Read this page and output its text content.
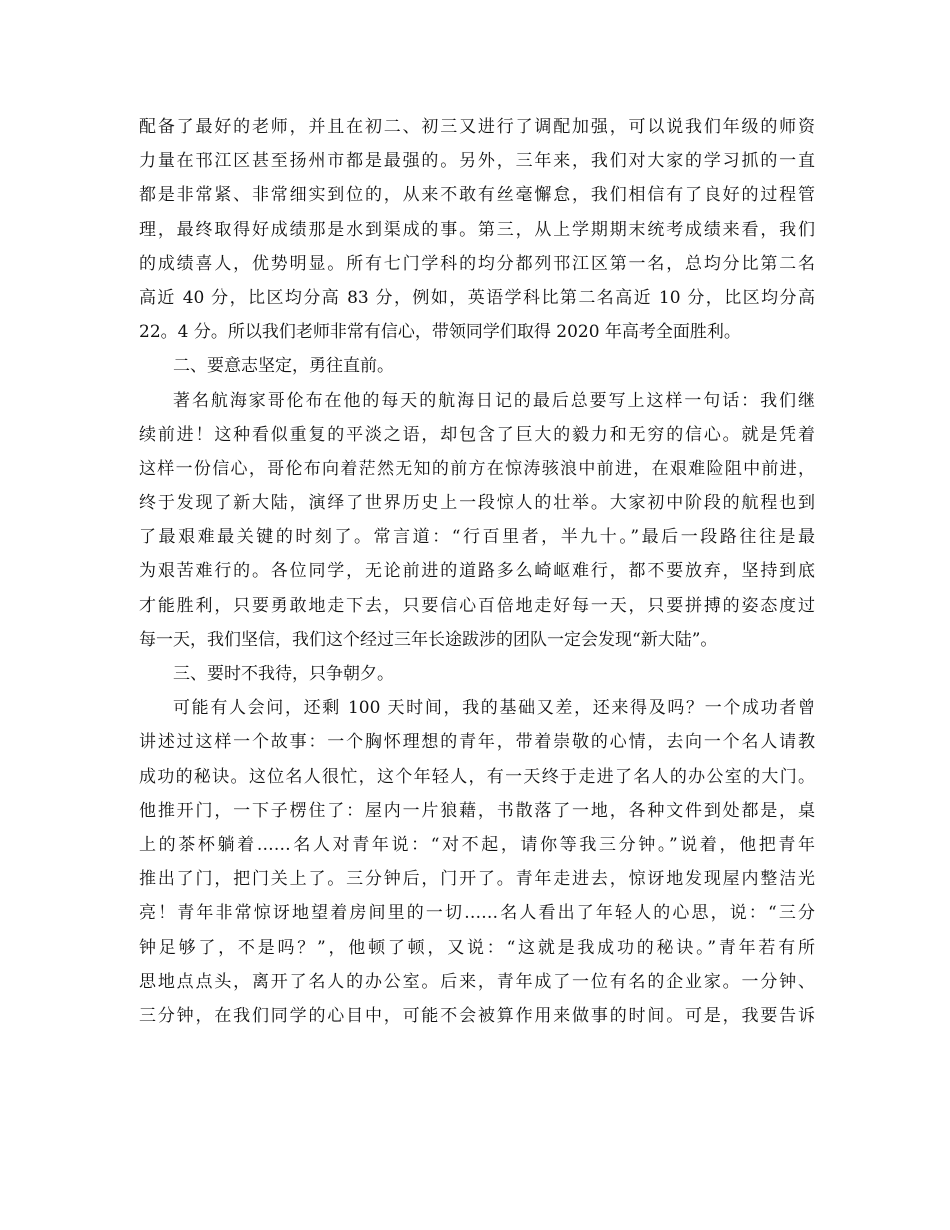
配备了最好的老师，并且在初二、初三又进行了调配加强，可以说我们年级的师资
力量在邗江区甚至扬州市都是最强的。另外，三年来，我们对大家的学习抓的一直
都是非常紧、非常细实到位的，从来不敢有丝毫懈怠，我们相信有了良好的过程管
理，最终取得好成绩那是水到渠成的事。第三，从上学期期末统考成绩来看，我们
的成绩喜人，优势明显。所有七门学科的均分都列邗江区第一名，总均分比第二名
高近 40 分，比区均分高 83 分，例如，英语学科比第二名高近 10 分，比区均分高
22。4 分。所以我们老师非常有信心，带领同学们取得 2020 年高考全面胜利。
二、要意志坚定，勇往直前。
著名航海家哥伦布在他的每天的航海日记的最后总要写上这样一句话：我们继
续前进！这种看似重复的平淡之语，却包含了巨大的毅力和无穷的信心。就是凭着
这样一份信心，哥伦布向着茫然无知的前方在惊涛骇浪中前进，在艰难险阻中前进，
终于发现了新大陆，演绎了世界历史上一段惊人的壮举。大家初中阶段的航程也到
了最艰难最关键的时刻了。常言道：“行百里者，半九十。”最后一段路往往是最
为艰苦难行的。各位同学，无论前进的道路多么崎岖难行，都不要放弃，坚持到底
才能胜利，只要勇敢地走下去，只要信心百倍地走好每一天，只要拼搏的姿态度过
每一天，我们坚信，我们这个经过三年长途跋涉的团队一定会发现“新大陆”。
三、要时不我待，只争朝夕。
可能有人会问，还剩 100 天时间，我的基础又差，还来得及吗？一个成功者曾
讲述过这样一个故事：一个胸怀理想的青年，带着崇敬的心情，去向一个名人请教
成功的秘诀。这位名人很忙，这个年轻人，有一天终于走进了名人的办公室的大门。
他推开门，一下子楞住了：屋内一片狼藉，书散落了一地，各种文件到处都是，桌
上的茶杯躺着……名人对青年说：“对不起，请你等我三分钟。”说着，他把青年
推出了门，把门关上了。三分钟后，门开了。青年走进去，惊讶地发现屋内整洁光
亮！青年非常惊讶地望着房间里的一切……名人看出了年轻人的心思，说：“三分
钟足够了，不是吗？”，他顿了顿，又说：“这就是我成功的秘诀。”青年若有所
思地点点头，离开了名人的办公室。后来，青年成了一位有名的企业家。一分钟、
三分钟，在我们同学的心目中，可能不会被算作用来做事的时间。可是，我要告诉
